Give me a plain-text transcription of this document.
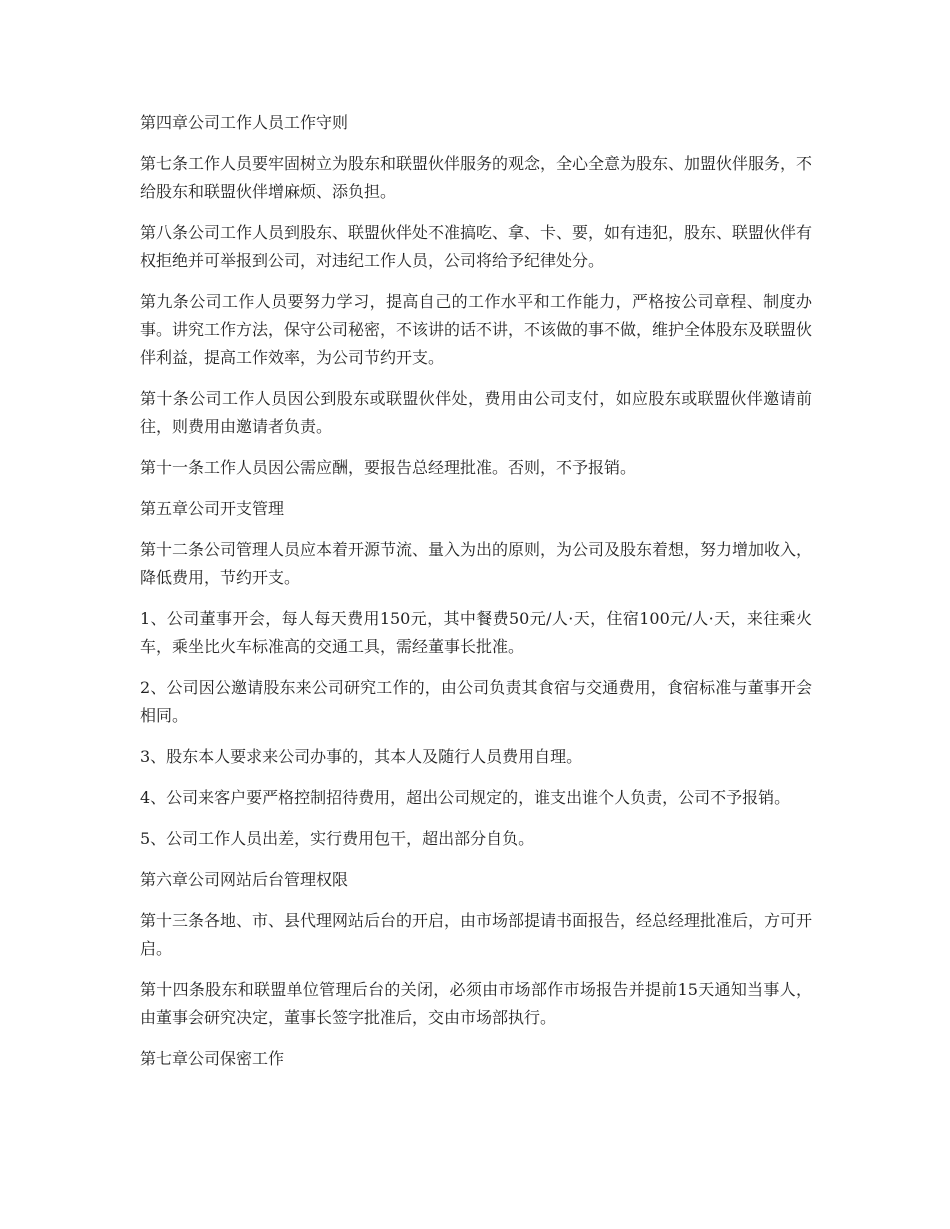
第四章公司工作人员工作守则

第七条工作人员要牢固树立为股东和联盟伙伴服务的观念，全心全意为股东、加盟伙伴服务，不给股东和联盟伙伴增麻烦、添负担。

第八条公司工作人员到股东、联盟伙伴处不准搞吃、拿、卡、要，如有违犯，股东、联盟伙伴有权拒绝并可举报到公司，对违纪工作人员，公司将给予纪律处分。

第九条公司工作人员要努力学习，提高自己的工作水平和工作能力，严格按公司章程、制度办事。讲究工作方法，保守公司秘密，不该讲的话不讲，不该做的事不做，维护全体股东及联盟伙伴利益，提高工作效率，为公司节约开支。

第十条公司工作人员因公到股东或联盟伙伴处，费用由公司支付，如应股东或联盟伙伴邀请前往，则费用由邀请者负责。

第十一条工作人员因公需应酬，要报告总经理批准。否则，不予报销。

第五章公司开支管理

第十二条公司管理人员应本着开源节流、量入为出的原则，为公司及股东着想，努力增加收入，降低费用，节约开支。

1、公司董事开会，每人每天费用150元，其中餐费50元/人·天，住宿100元/人·天，来往乘火车，乘坐比火车标准高的交通工具，需经董事长批准。

2、公司因公邀请股东来公司研究工作的，由公司负责其食宿与交通费用，食宿标准与董事开会相同。

3、股东本人要求来公司办事的，其本人及随行人员费用自理。

4、公司来客户要严格控制招待费用，超出公司规定的，谁支出谁个人负责，公司不予报销。

5、公司工作人员出差，实行费用包干，超出部分自负。

第六章公司网站后台管理权限

第十三条各地、市、县代理网站后台的开启，由市场部提请书面报告，经总经理批准后，方可开启。

第十四条股东和联盟单位管理后台的关闭，必须由市场部作市场报告并提前15天通知当事人，由董事会研究决定，董事长签字批准后，交由市场部执行。

第七章公司保密工作
